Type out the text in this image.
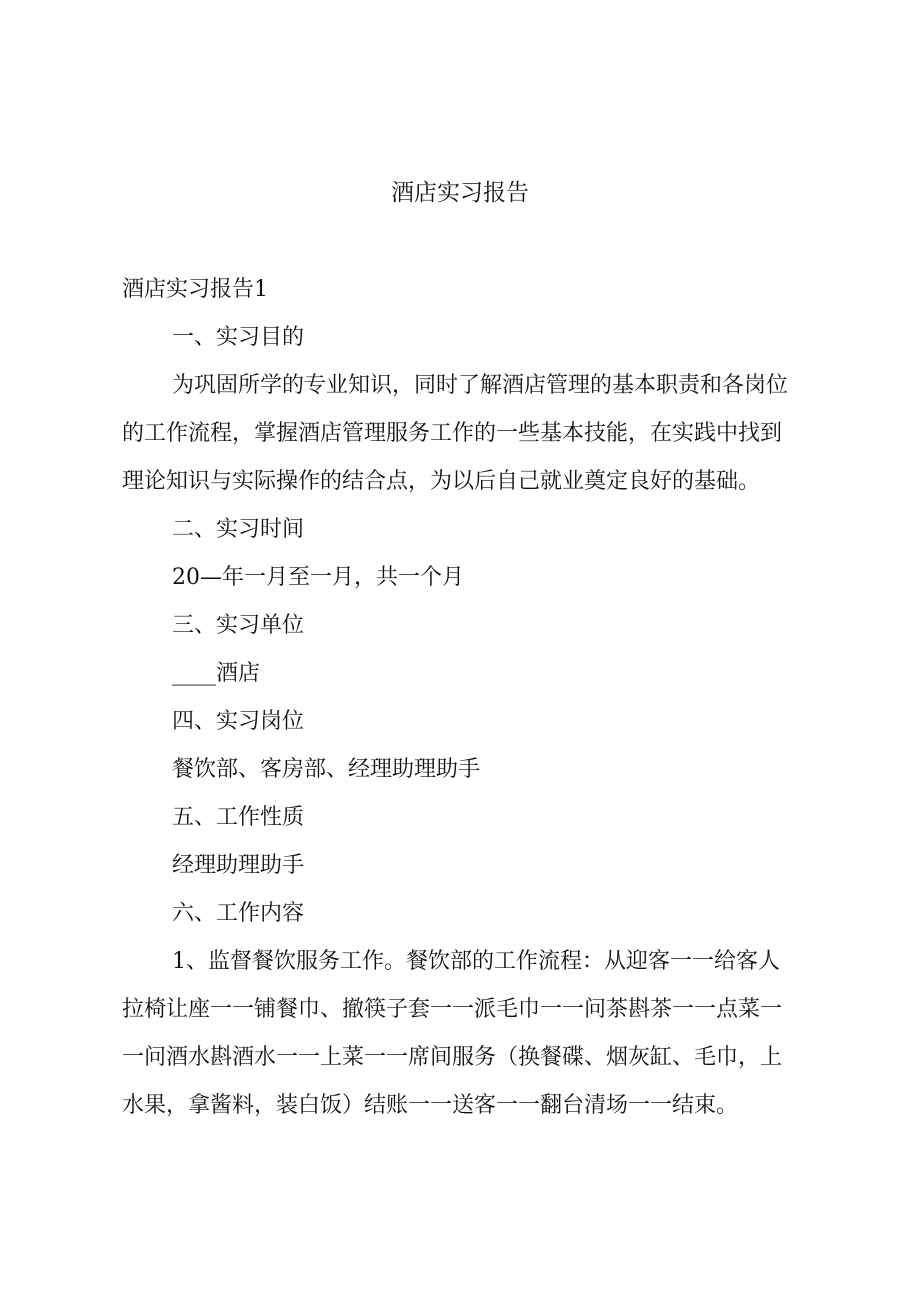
酒店实习报告

酒店实习报告1

一、实习目的

为巩固所学的专业知识，同时了解酒店管理的基本职责和各岗位

的工作流程，掌握酒店管理服务工作的一些基本技能，在实践中找到

理论知识与实际操作的结合点，为以后自己就业奠定良好的基础。

二、实习时间

20—年一月至一月，共一个月

三、实习单位

____酒店

四、实习岗位

餐饮部、客房部、经理助理助手

五、工作性质

经理助理助手

六、工作内容

1、监督餐饮服务工作。餐饮部的工作流程：从迎客一一给客人

拉椅让座一一铺餐巾、撤筷子套一一派毛巾一一问茶斟茶一一点菜一

一问酒水斟酒水一一上菜一一席间服务（换餐碟、烟灰缸、毛巾，上

水果，拿酱料，装白饭）结账一一送客一一翻台清场一一结束。
